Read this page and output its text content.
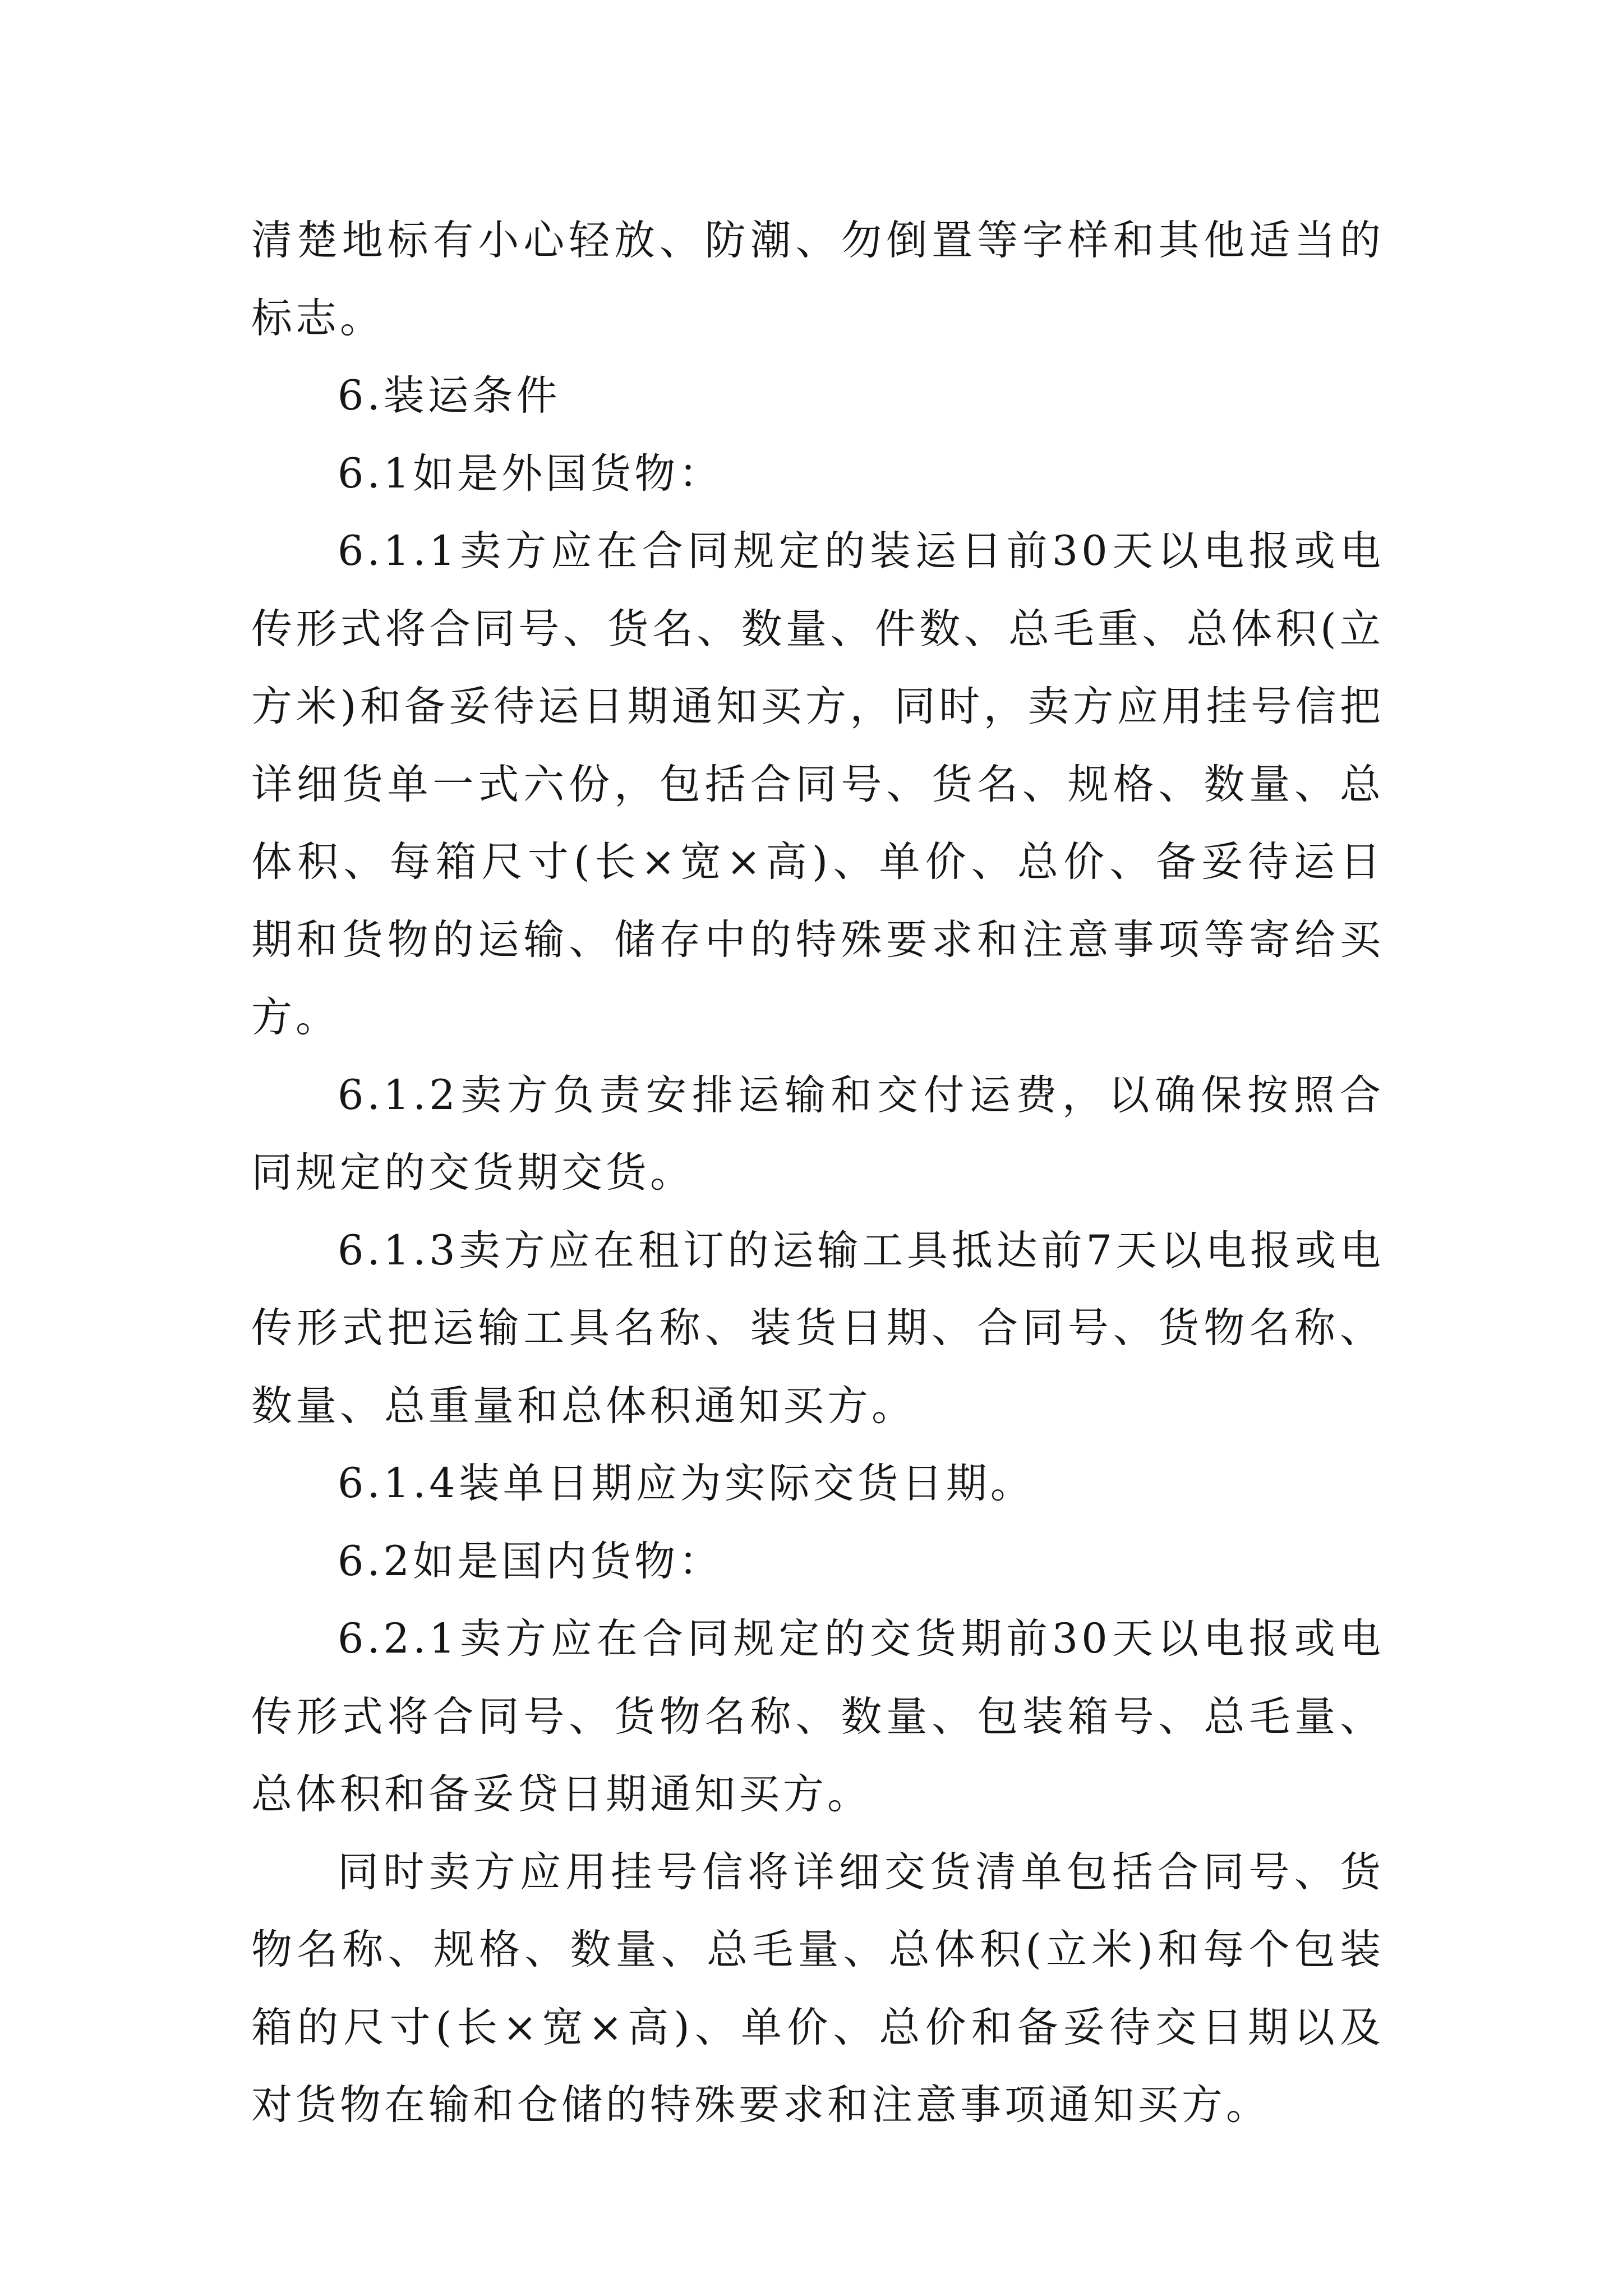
清楚地标有小心轻放、防潮、勿倒置等字样和其他适当的标志。

6.装运条件

6.1如是外国货物：

6.1.1卖方应在合同规定的装运日前30天以电报或电传形式将合同号、货名、数量、件数、总毛重、总体积(立方米)和备妥待运日期通知买方，同时，卖方应用挂号信把详细货单一式六份，包括合同号、货名、规格、数量、总体积、每箱尺寸(长×宽×高)、单价、总价、备妥待运日期和货物的运输、储存中的特殊要求和注意事项等寄给买方。

6.1.2卖方负责安排运输和交付运费，以确保按照合同规定的交货期交货。

6.1.3卖方应在租订的运输工具抵达前7天以电报或电传形式把运输工具名称、装货日期、合同号、货物名称、数量、总重量和总体积通知买方。

6.1.4装单日期应为实际交货日期。

6.2如是国内货物：

6.2.1卖方应在合同规定的交货期前30天以电报或电传形式将合同号、货物名称、数量、包装箱号、总毛量、总体积和备妥贷日期通知买方。

同时卖方应用挂号信将详细交货清单包括合同号、货物名称、规格、数量、总毛量、总体积(立米)和每个包装箱的尺寸(长×宽×高)、单价、总价和备妥待交日期以及对货物在输和仓储的特殊要求和注意事项通知买方。
